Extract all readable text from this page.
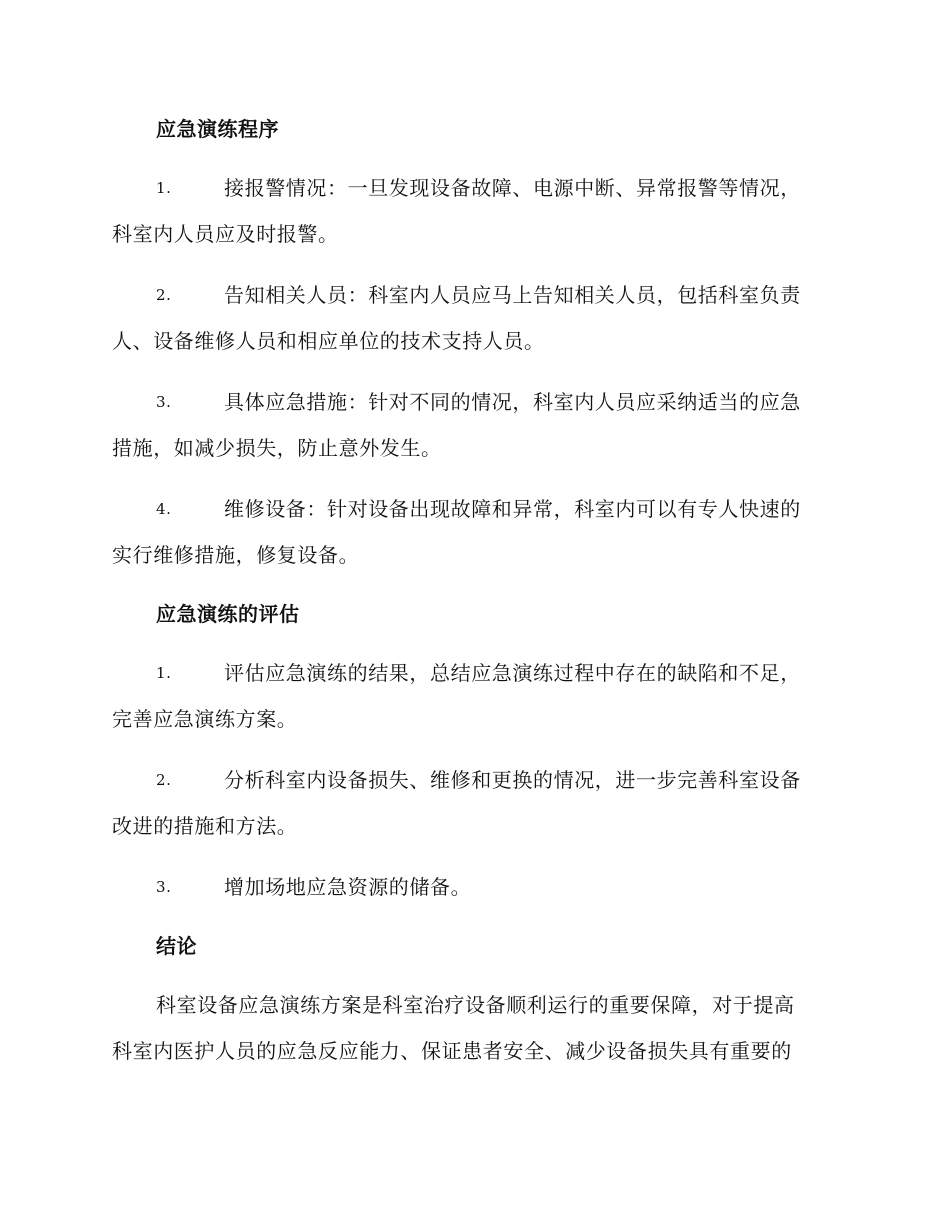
应急演练程序
1.	接报警情况：一旦发现设备故障、电源中断、异常报警等情况，
科室内人员应及时报警。
2.	告知相关人员：科室内人员应马上告知相关人员，包括科室负责
人、设备维修人员和相应单位的技术支持人员。
3.	具体应急措施：针对不同的情况，科室内人员应采纳适当的应急
措施，如减少损失，防止意外发生。
4.	维修设备：针对设备出现故障和异常，科室内可以有专人快速的
实行维修措施，修复设备。
应急演练的评估
1.	评估应急演练的结果，总结应急演练过程中存在的缺陷和不足，
完善应急演练方案。
2.	分析科室内设备损失、维修和更换的情况，进一步完善科室设备
改进的措施和方法。
3.	增加场地应急资源的储备。
结论
科室设备应急演练方案是科室治疗设备顺利运行的重要保障，对于提高
科室内医护人员的应急反应能力、保证患者安全、减少设备损失具有重要的
